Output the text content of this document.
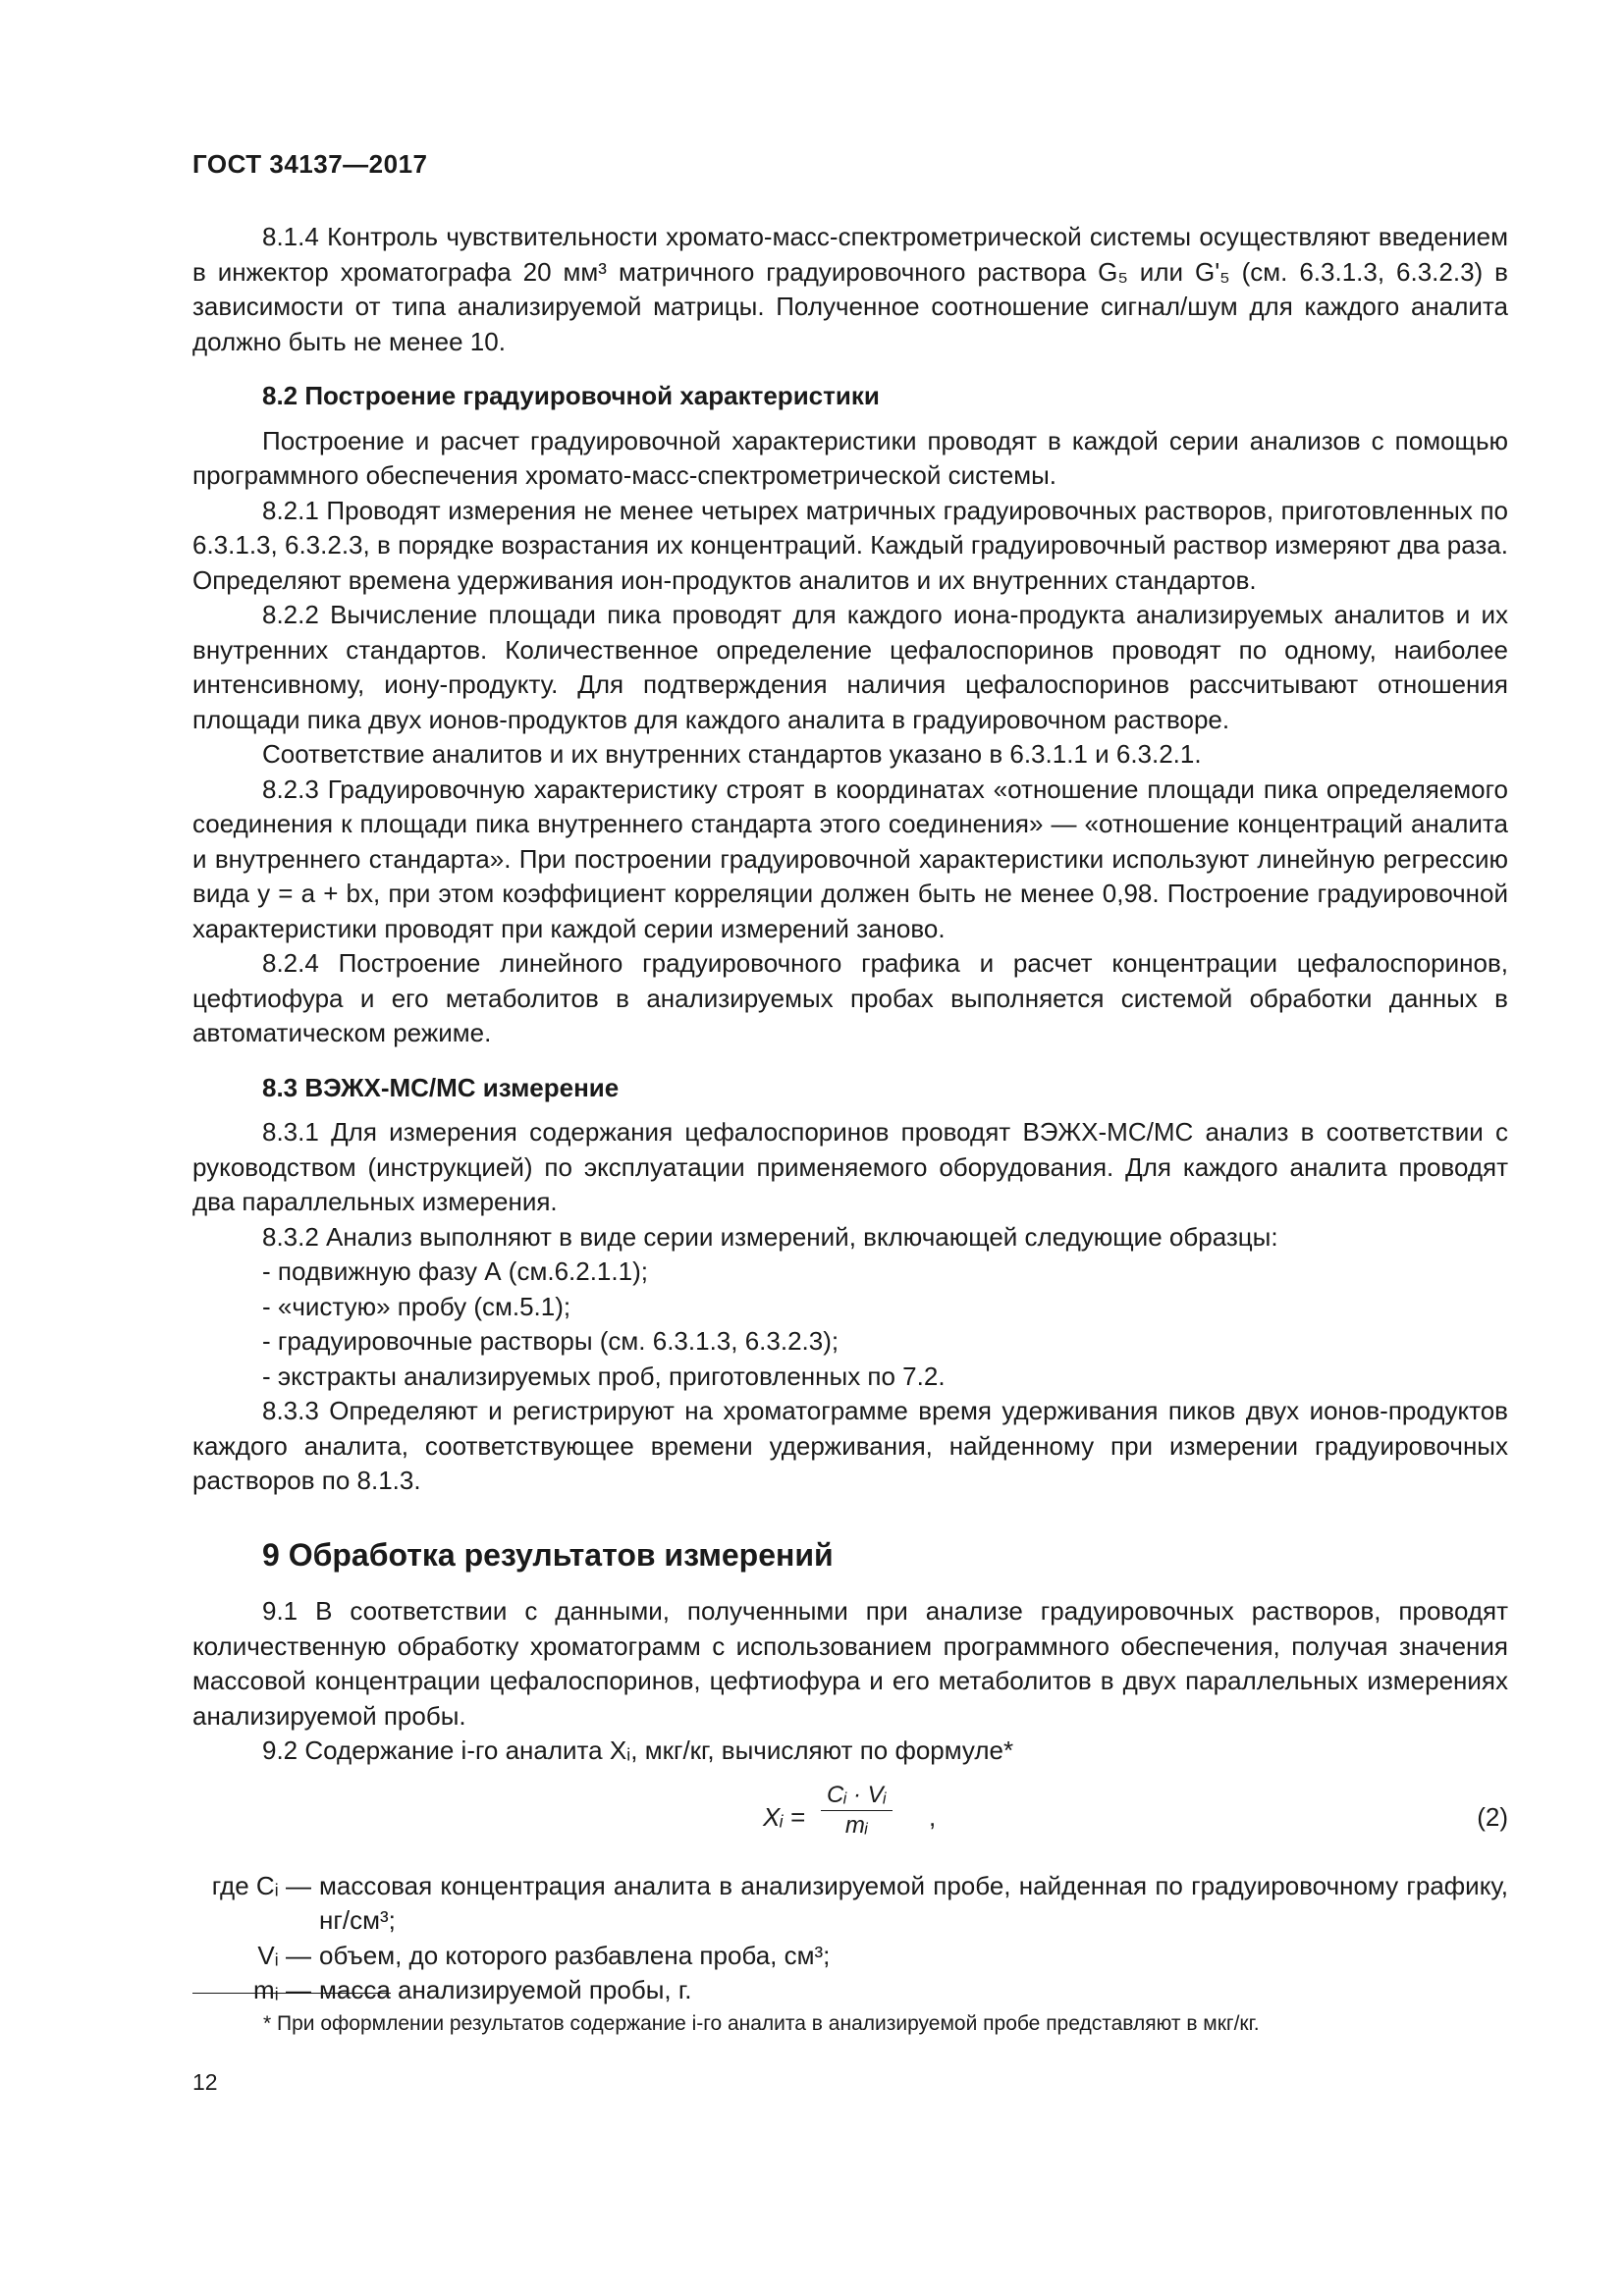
ГОСТ 34137—2017

8.1.4 Контроль чувствительности хромато-масс-спектрометрической системы осуществляют введением в инжектор хроматографа 20 мм³ матричного градуировочного раствора G₅ или G'₅ (см. 6.3.1.3, 6.3.2.3) в зависимости от типа анализируемой матрицы. Полученное соотношение сигнал/шум для каждого аналита должно быть не менее 10.

8.2 Построение градуировочной характеристики

Построение и расчет градуировочной характеристики проводят в каждой серии анализов с помощью программного обеспечения хромато-масс-спектрометрической системы.

8.2.1 Проводят измерения не менее четырех матричных градуировочных растворов, приготовленных по 6.3.1.3, 6.3.2.3, в порядке возрастания их концентраций. Каждый градуировочный раствор измеряют два раза. Определяют времена удерживания ион-продуктов аналитов и их внутренних стандартов.

8.2.2 Вычисление площади пика проводят для каждого иона-продукта анализируемых аналитов и их внутренних стандартов. Количественное определение цефалоспоринов проводят по одному, наиболее интенсивному, иону-продукту. Для подтверждения наличия цефалоспоринов рассчитывают отношения площади пика двух ионов-продуктов для каждого аналита в градуировочном растворе.

Соответствие аналитов и их внутренних стандартов указано в 6.3.1.1 и 6.3.2.1.

8.2.3 Градуировочную характеристику строят в координатах «отношение площади пика определяемого соединения к площади пика внутреннего стандарта этого соединения» — «отношение концентраций аналита и внутреннего стандарта». При построении градуировочной характеристики используют линейную регрессию вида y = a + bx, при этом коэффициент корреляции должен быть не менее 0,98. Построение градуировочной характеристики проводят при каждой серии измерений заново.

8.2.4 Построение линейного градуировочного графика и расчет концентрации цефалоспоринов, цефтиофура и его метаболитов в анализируемых пробах выполняется системой обработки данных в автоматическом режиме.

8.3 ВЭЖХ-МС/МС измерение

8.3.1 Для измерения содержания цефалоспоринов проводят ВЭЖХ-МС/МС анализ в соответствии с руководством (инструкцией) по эксплуатации применяемого оборудования. Для каждого аналита проводят два параллельных измерения.

8.3.2 Анализ выполняют в виде серии измерений, включающей следующие образцы:

- подвижную фазу А (см.6.2.1.1);

- «чистую» пробу (см.5.1);

- градуировочные растворы (см. 6.3.1.3, 6.3.2.3);

- экстракты анализируемых проб, приготовленных по 7.2.

8.3.3 Определяют и регистрируют на хроматограмме время удерживания пиков двух ионов-продуктов каждого аналита, соответствующее времени удерживания, найденному при измерении градуировочных растворов по 8.1.3.

9 Обработка результатов измерений

9.1 В соответствии с данными, полученными при анализе градуировочных растворов, проводят количественную обработку хроматограмм с использованием программного обеспечения, получая значения массовой концентрации цефалоспоринов, цефтиофура и его метаболитов в двух параллельных измерениях анализируемой пробы.

9.2 Содержание i-го аналита Xᵢ, мкг/кг, вычисляют по формуле*

Xᵢ = $\frac{\text{Cᵢ · Vᵢ}}{\text{mᵢ}}$ ,	(2)
где Cᵢ — массовая концентрация аналита в анализируемой пробе, найденная по градуировочному графику, нг/см³;
Vᵢ — объем, до которого разбавлена проба, см³;
mᵢ — масса анализируемой пробы, г.
* При оформлении результатов содержание i-го аналита в анализируемой пробе представляют в мкг/кг.
12
